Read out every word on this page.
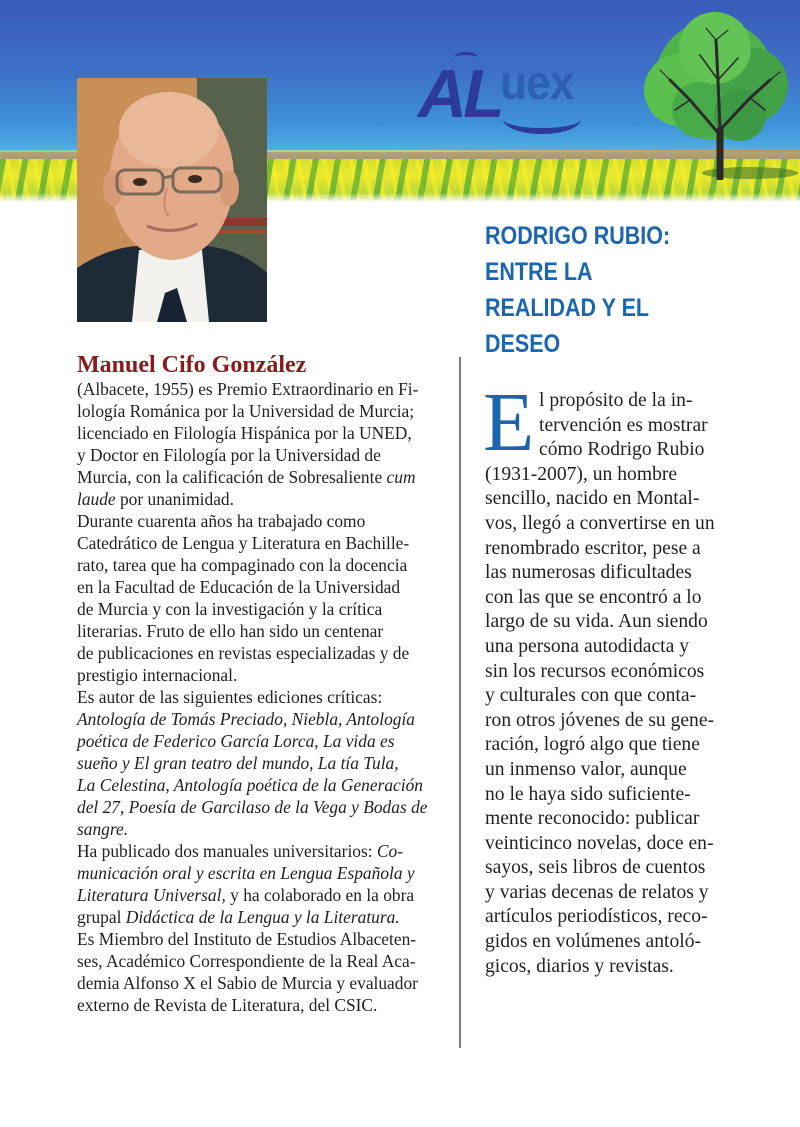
AL uex
RODRIGO RUBIO:
ENTRE LA
REALIDAD Y EL
DESEO
Manuel Cifo González
(Albacete, 1955) es Premio Extraordinario en Fi-
lología Románica por la Universidad de Murcia;
licenciado en Filología Hispánica por la UNED,
y Doctor en Filología por la Universidad de
Murcia, con la calificación de Sobresaliente cum
laude por unanimidad.
Durante cuarenta años ha trabajado como
Catedrático de Lengua y Literatura en Bachille-
rato, tarea que ha compaginado con la docencia
en la Facultad de Educación de la Universidad
de Murcia y con la investigación y la crítica
literarias. Fruto de ello han sido un centenar
de publicaciones en revistas especializadas y de
prestigio internacional.
Es autor de las siguientes ediciones críticas:
Antología de Tomás Preciado, Niebla, Antología
poética de Federico García Lorca, La vida es
sueño y El gran teatro del mundo, La tía Tula,
La Celestina, Antología poética de la Generación
del 27, Poesía de Garcilaso de la Vega y Bodas de
sangre.
Ha publicado dos manuales universitarios: Co-
municación oral y escrita en Lengua Española y
Literatura Universal, y ha colaborado en la obra
grupal Didáctica de la Lengua y la Literatura.
Es Miembro del Instituto de Estudios Albaceten-
ses, Académico Correspondiente de la Real Aca-
demia Alfonso X el Sabio de Murcia y evaluador
externo de Revista de Literatura, del CSIC.
E l propósito de la in-
tervención es mostrar
cómo Rodrigo Rubio
(1931-2007), un hombre
sencillo, nacido en Montal-
vos, llegó a convertirse en un
renombrado escritor, pese a
las numerosas dificultades
con las que se encontró a lo
largo de su vida. Aun siendo
una persona autodidacta y
sin los recursos económicos
y culturales con que conta-
ron otros jóvenes de su gene-
ración, logró algo que tiene
un inmenso valor, aunque
no le haya sido suficiente-
mente reconocido: publicar
veinticinco novelas, doce en-
sayos, seis libros de cuentos
y varias decenas de relatos y
artículos periodísticos, reco-
gidos en volúmenes antoló-
gicos, diarios y revistas.
